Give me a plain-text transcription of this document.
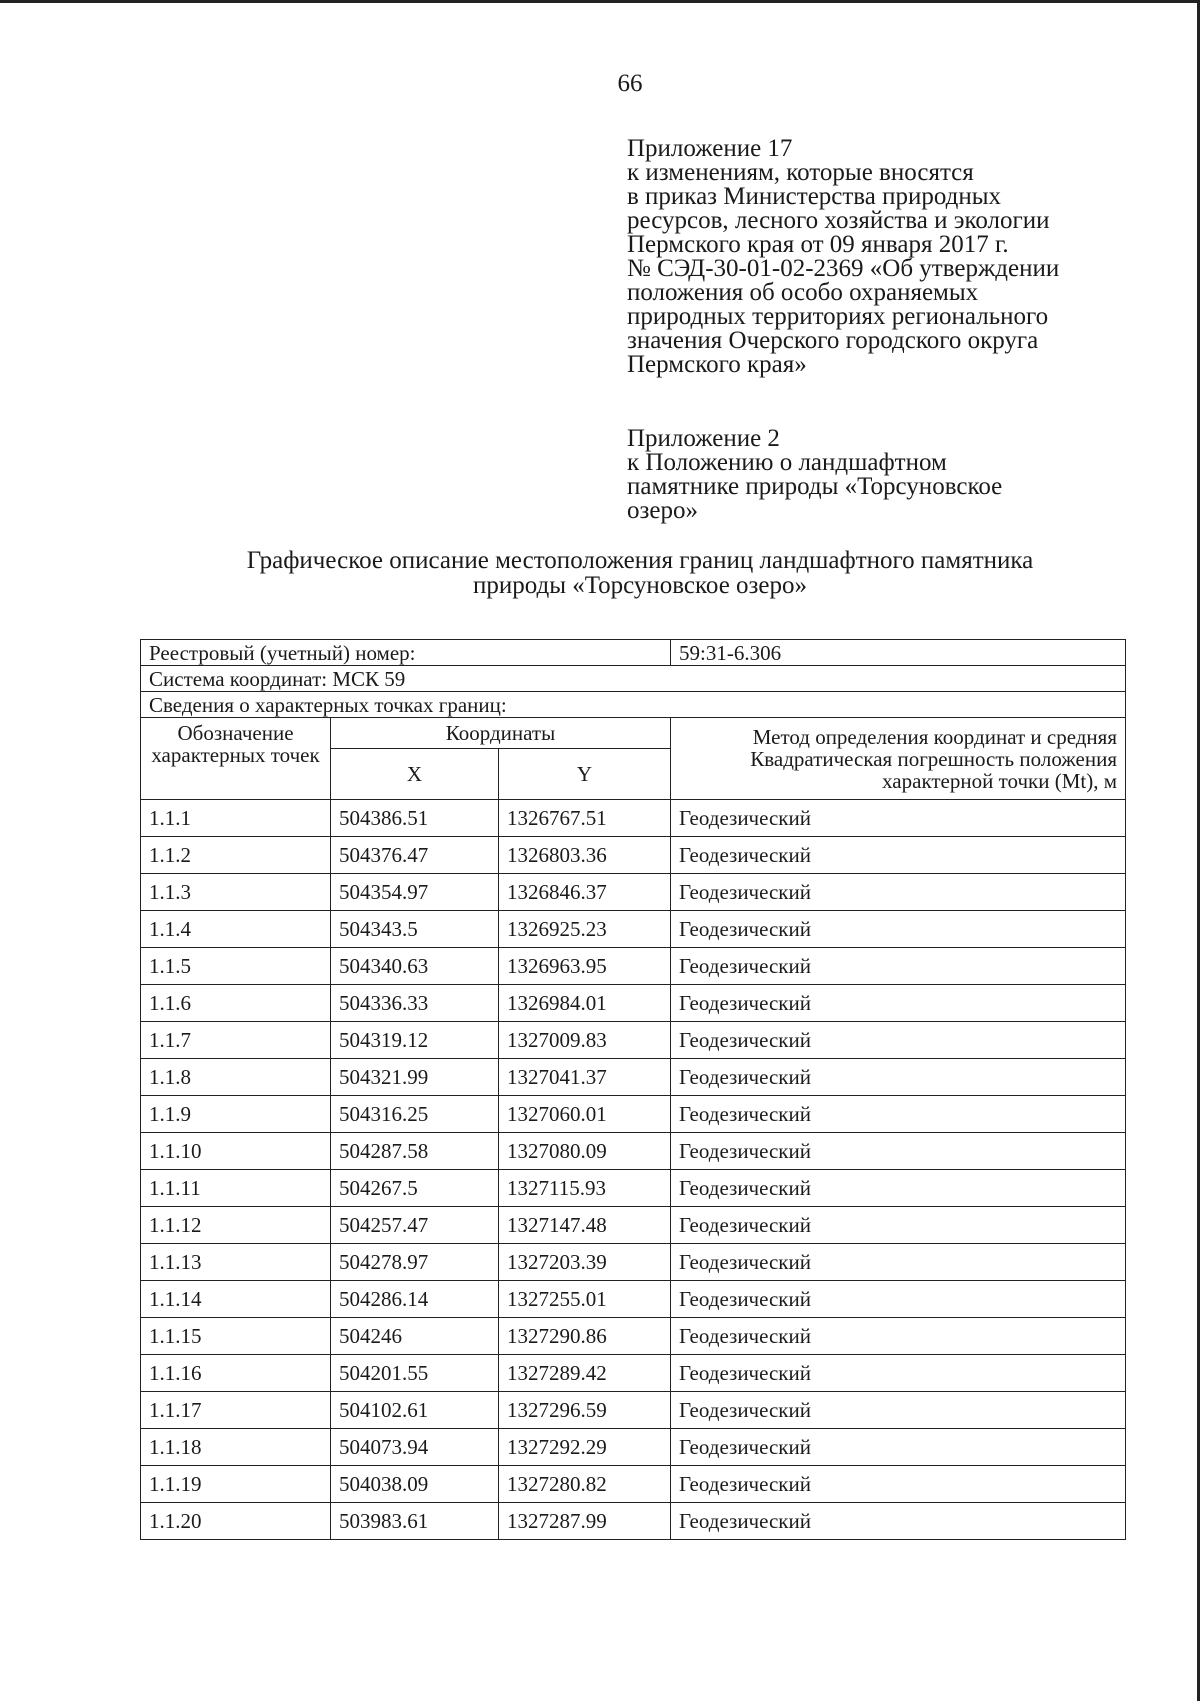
66
Приложение 17
к изменениям, которые вносятся
в приказ Министерства природных
ресурсов, лесного хозяйства и экологии
Пермского края от 09 января 2017 г.
№ СЭД-30-01-02-2369 «Об утверждении
положения об особо охраняемых
природных территориях регионального
значения Очерского городского округа
Пермского края»
Приложение 2
к Положению о ландшафтном
памятнике природы «Торсуновское
озеро»
Графическое описание местоположения границ ландшафтного памятника
природы «Торсуновское озеро»
Реестровый (учетный) номер:			59:31-6.306
Система координат: МСК 59			
Сведения о характерных точках границ:			
Обозначение характерных точек	Координаты		Метод определения координат и средняя
Квадратическая погрешность положения
характерной точки (Mt), м

	X	Y	
1.1.1	504386.51	1326767.51	Геодезический
1.1.2	504376.47	1326803.36	Геодезический
1.1.3	504354.97	1326846.37	Геодезический
1.1.4	504343.5	1326925.23	Геодезический
1.1.5	504340.63	1326963.95	Геодезический
1.1.6	504336.33	1326984.01	Геодезический
1.1.7	504319.12	1327009.83	Геодезический
1.1.8	504321.99	1327041.37	Геодезический
1.1.9	504316.25	1327060.01	Геодезический
1.1.10	504287.58	1327080.09	Геодезический
1.1.11	504267.5	1327115.93	Геодезический
1.1.12	504257.47	1327147.48	Геодезический
1.1.13	504278.97	1327203.39	Геодезический
1.1.14	504286.14	1327255.01	Геодезический
1.1.15	504246	1327290.86	Геодезический
1.1.16	504201.55	1327289.42	Геодезический
1.1.17	504102.61	1327296.59	Геодезический
1.1.18	504073.94	1327292.29	Геодезический
1.1.19	504038.09	1327280.82	Геодезический
1.1.20	503983.61	1327287.99	Геодезический
